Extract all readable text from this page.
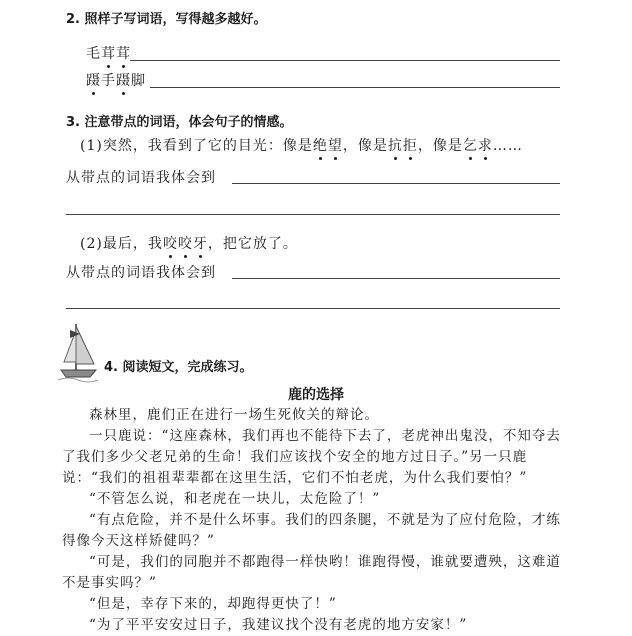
2. 照样子写词语，写得越多越好。
毛茸茸
蹑手蹑脚
3. 注意带点的词语，体会句子的情感。
(1)突然，我看到了它的目光：像是绝望，像是抗拒，像是乞求……
从带点的词语我体会到
(2)最后，我咬咬牙，把它放了。
从带点的词语我体会到
4. 阅读短文，完成练习。
鹿的选择

森林里，鹿们正在进行一场生死攸关的辩论。

一只鹿说：“这座森林，我们再也不能待下去了，老虎神出鬼没，不知夺去了我们多少父老兄弟的生命！我们应该找个安全的地方过日子。”另一只鹿说：“我们的祖祖辈辈都在这里生活，它们不怕老虎，为什么我们要怕？”

“不管怎么说，和老虎在一块儿，太危险了！”

“有点危险，并不是什么坏事。我们的四条腿，不就是为了应付危险，才练得像今天这样矫健吗？”

“可是，我们的同胞并不都跑得一样快哟！谁跑得慢，谁就要遭殃，这难道不是事实吗？”

“但是，幸存下来的，却跑得更快了！”

“为了平平安安过日子，我建议找个没有老虎的地方安家！”
